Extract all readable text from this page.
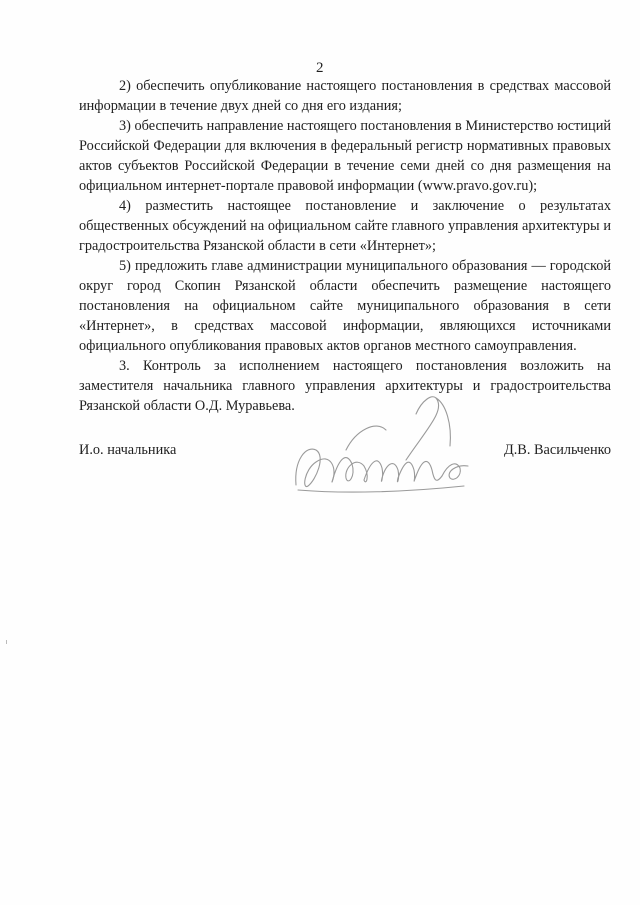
2

2) обеспечить опубликование настоящего постановления в средствах массовой информации в течение двух дней со дня его издания;

3) обеспечить направление настоящего постановления в Министерство юстиций Российской Федерации для включения в федеральный регистр нормативных правовых актов субъектов Российской Федерации в течение семи дней со дня размещения на официальном интернет-портале правовой информации (www.pravo.gov.ru);

4) разместить настоящее постановление и заключение о результатах общественных обсуждений на официальном сайте главного управления архитектуры и градостроительства Рязанской области в сети «Интернет»;

5) предложить главе администрации муниципального образования — городской округ город Скопин Рязанской области обеспечить размещение настоящего постановления на официальном сайте муниципального образования в сети «Интернет», в средствах массовой информации, являющихся источниками официального опубликования правовых актов органов местного самоуправления.

3. Контроль за исполнением настоящего постановления возложить на заместителя начальника главного управления архитектуры и градостроительства Рязанской области О.Д. Муравьева.

И.о. начальника	Д.В. Васильченко
